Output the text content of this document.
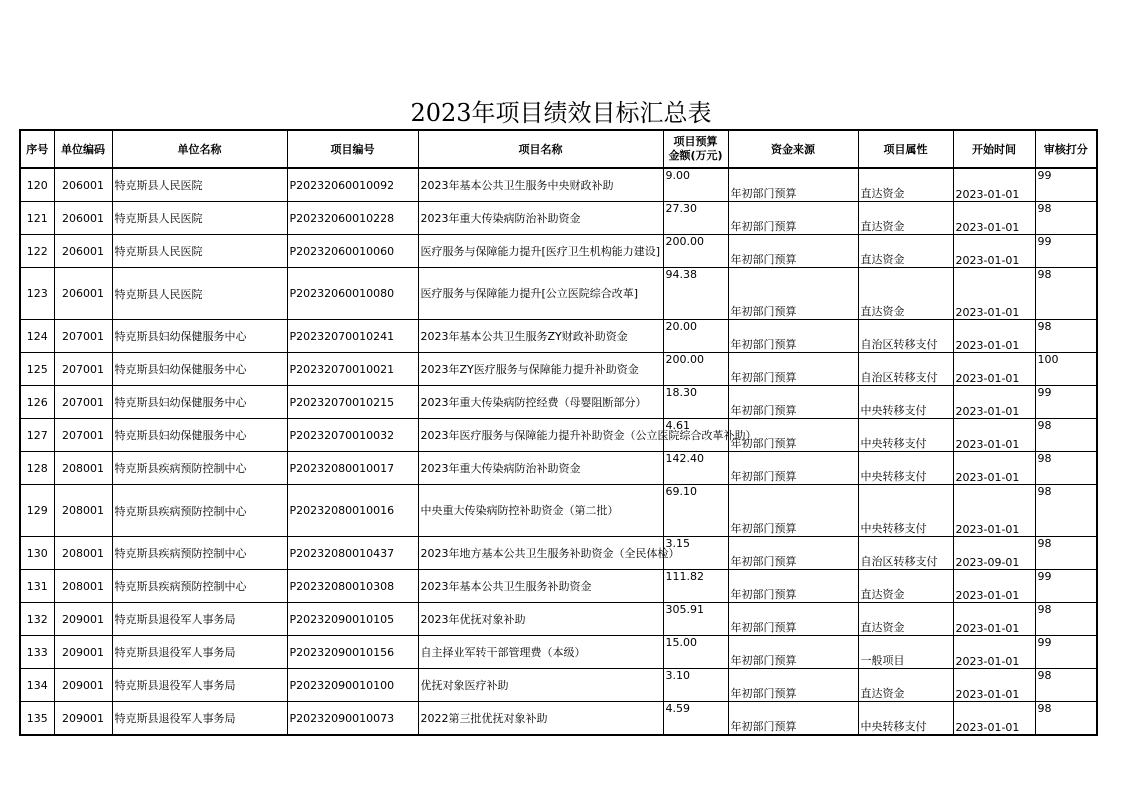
2023年项目绩效目标汇总表
序号	单位编码	单位名称	项目编号	项目名称	项目预算
金额(万元)	资金来源	项目属性	开始时间	审核打分
120	206001	特克斯县人民医院	P20232060010092	2023年基本公共卫生服务中央财政补助	9.00	年初部门预算	直达资金	2023-01-01	99
121	206001	特克斯县人民医院	P20232060010228	2023年重大传染病防治补助资金	27.30	年初部门预算	直达资金	2023-01-01	98
122	206001	特克斯县人民医院	P20232060010060	医疗服务与保障能力提升[医疗卫生机构能力建设]	200.00	年初部门预算	直达资金	2023-01-01	99
123	206001	特克斯县人民医院	P20232060010080	医疗服务与保障能力提升[公立医院综合改革]	94.38	年初部门预算	直达资金	2023-01-01	98
124	207001	特克斯县妇幼保健服务中心	P20232070010241	2023年基本公共卫生服务ZY财政补助资金	20.00	年初部门预算	自治区转移支付	2023-01-01	98
125	207001	特克斯县妇幼保健服务中心	P20232070010021	2023年ZY医疗服务与保障能力提升补助资金	200.00	年初部门预算	自治区转移支付	2023-01-01	100
126	207001	特克斯县妇幼保健服务中心	P20232070010215	2023年重大传染病防控经费（母婴阻断部分）	18.30	年初部门预算	中央转移支付	2023-01-01	99
127	207001	特克斯县妇幼保健服务中心	P20232070010032	2023年医疗服务与保障能力提升补助资金（公立医院综合改革补助）	4.61	年初部门预算	中央转移支付	2023-01-01	98
128	208001	特克斯县疾病预防控制中心	P20232080010017	2023年重大传染病防治补助资金	142.40	年初部门预算	中央转移支付	2023-01-01	98
129	208001	特克斯县疾病预防控制中心	P20232080010016	中央重大传染病防控补助资金（第二批）	69.10	年初部门预算	中央转移支付	2023-01-01	98
130	208001	特克斯县疾病预防控制中心	P20232080010437	2023年地方基本公共卫生服务补助资金（全民体检）	3.15	年初部门预算	自治区转移支付	2023-09-01	98
131	208001	特克斯县疾病预防控制中心	P20232080010308	2023年基本公共卫生服务补助资金	111.82	年初部门预算	直达资金	2023-01-01	99
132	209001	特克斯县退役军人事务局	P20232090010105	2023年优抚对象补助	305.91	年初部门预算	直达资金	2023-01-01	98
133	209001	特克斯县退役军人事务局	P20232090010156	自主择业军转干部管理费（本级）	15.00	年初部门预算	一般项目	2023-01-01	99
134	209001	特克斯县退役军人事务局	P20232090010100	优抚对象医疗补助	3.10	年初部门预算	直达资金	2023-01-01	98
135	209001	特克斯县退役军人事务局	P20232090010073	2022第三批优抚对象补助	4.59	年初部门预算	中央转移支付	2023-01-01	98
